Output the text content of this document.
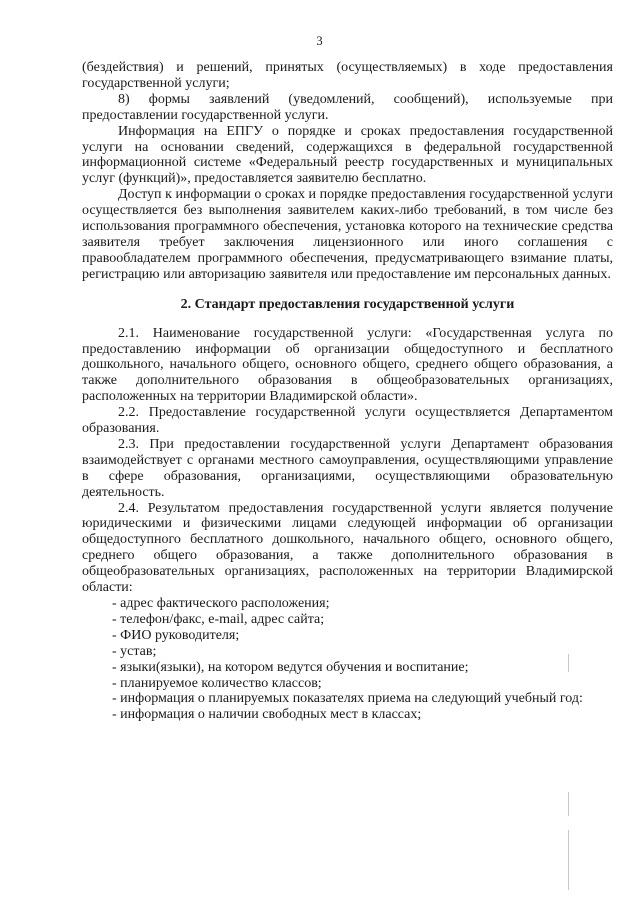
3

(бездействия) и решений, принятых (осуществляемых) в ходе предоставления государственной услуги;

8) формы заявлений (уведомлений, сообщений), используемые при предоставлении государственной услуги.

Информация на ЕПГУ о порядке и сроках предоставления государственной услуги на основании сведений, содержащихся в федеральной государственной информационной системе «Федеральный реестр государственных и муниципальных услуг (функций)», предоставляется заявителю бесплатно.

Доступ к информации о сроках и порядке предоставления государственной услуги осуществляется без выполнения заявителем каких-либо требований, в том числе без использования программного обеспечения, установка которого на технические средства заявителя требует заключения лицензионного или иного соглашения с правообладателем программного обеспечения, предусматривающего взимание платы, регистрацию или авторизацию заявителя или предоставление им персональных данных.

2. Стандарт предоставления государственной услуги

2.1. Наименование государственной услуги: «Государственная услуга по предоставлению информации об организации общедоступного и бесплатного дошкольного, начального общего, основного общего, среднего общего образования, а также дополнительного образования в общеобразовательных организациях, расположенных на территории Владимирской области».

2.2. Предоставление государственной услуги осуществляется Департаментом образования.

2.3. При предоставлении государственной услуги Департамент образования взаимодействует с органами местного самоуправления, осуществляющими управление в сфере образования, организациями, осуществляющими образовательную деятельность.

2.4. Результатом предоставления государственной услуги является получение юридическими и физическими лицами следующей информации об организации общедоступного бесплатного дошкольного, начального общего, основного общего, среднего общего образования, а также дополнительного образования в общеобразовательных организациях, расположенных на территории Владимирской области:

- адрес фактического расположения;

- телефон/факс, e-mail, адрес сайта;

- ФИО руководителя;

- устав;

- языки(языки), на котором ведутся обучения и воспитание;

- планируемое количество классов;

- информация о планируемых показателях приема на следующий учебный год:

- информация о наличии свободных мест в классах;
